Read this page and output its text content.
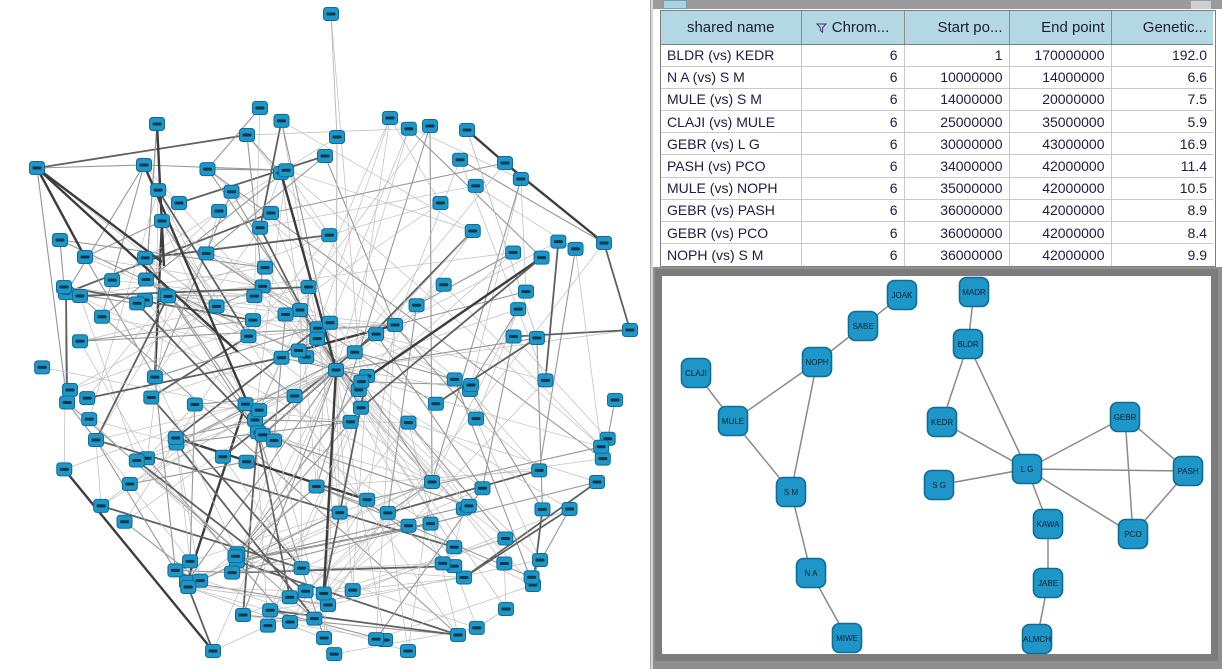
shared name	Chrom...	Start po...	End point	Genetic...
BLDR (vs) KEDR	6	1	170000000	192.0
N A (vs) S M	6	10000000	14000000	6.6
MULE (vs) S M	6	14000000	20000000	7.5
CLAJI (vs) MULE	6	25000000	35000000	5.9
GEBR (vs) L G	6	30000000	43000000	16.9
PASH (vs) PCO	6	34000000	42000000	11.4
MULE (vs) NOPH	6	35000000	42000000	10.5
GEBR (vs) PASH	6	36000000	42000000	8.9
GEBR (vs) PCO	6	36000000	42000000	8.4
NOPH (vs) S M	6	36000000	42000000	9.9
CLAJI
MULE
NOPH
SABE
JOAK
S M
N A
MIWE
MADR
BLDR
KEDR
S G
L G
GEBR
PASH
KAWA
PCO
JABE
ALMCH
